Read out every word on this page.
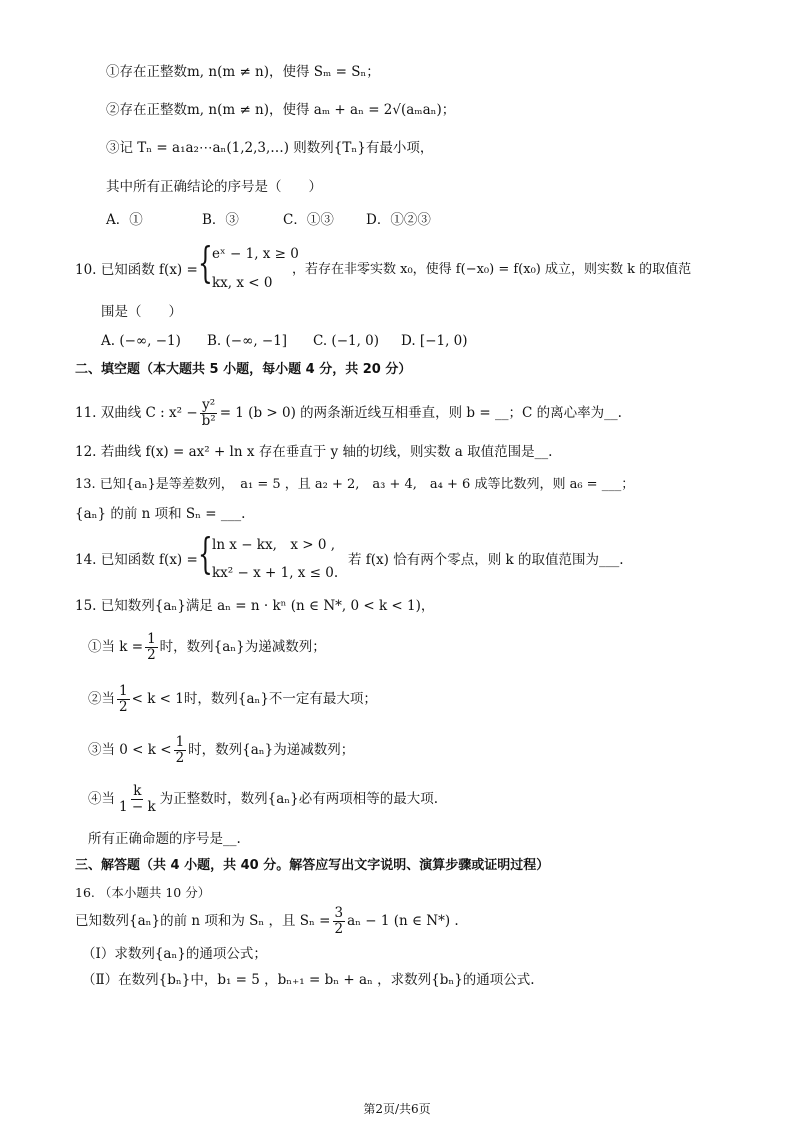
①存在正整数m, n(m ≠ n)，使得 Sₘ = Sₙ；
②存在正整数m, n(m ≠ n)，使得 aₘ + aₙ = 2√(aₘaₙ)；
③记 Tₙ = a₁a₂⋯aₙ(1,2,3,…) 则数列{Tₙ}有最小项，
其中所有正确结论的序号是（　　）
A．①	B．③	C．①③ D．①②③
10. 已知函数 f(x) = { eˣ − 1, x ≥ 0
kx, x < 0
，若存在非零实数 x₀，使得 f(−x₀) = f(x₀) 成立，则实数 k 的取值范
围是（　　）
A. (−∞, −1) B. (−∞, −1] C. (−1, 0) D. [−1, 0)
二、填空题（本大题共 5 小题，每小题 4 分，共 20 分）
11. 双曲线 C : $x^2 - \frac{\text{y²}}{\text{b²}} = 1$ (b > 0) 的两条渐近线互相垂直，则 b = __；C 的离心率为__.
12. 若曲线 f(x) = ax² + ln x 存在垂直于 y 轴的切线，则实数 a 取值范围是__.
13. 已知{aₙ}是等差数列，　a₁ = 5 ，且 a₂ + 2,　a₃ + 4,　a₄ + 6 成等比数列，则 a₆ = ___；
{aₙ} 的前 n 项和 Sₙ = ___.
14. 已知函数 f(x) = { ln x − kx,　x > 0 ,
kx² − x + 1, x ≤ 0.
若 f(x) 恰有两个零点，则 k 的取值范围为___.
15. 已知数列{aₙ}满足 aₙ = n · kⁿ (n ∈ N*, 0 < k < 1)，
①当 $k = \frac{1}{2}$ 时，数列{aₙ}为递减数列；
②当 $\frac{1}{2} < k < 1$时，数列{aₙ}不一定有最大项；
③当 $0 < k < \frac{1}{2}$ 时，数列{aₙ}为递减数列；
④当 $\frac{k}{1 - k}$ 为正整数时，数列{aₙ}必有两项相等的最大项.
所有正确命题的序号是__.
三、解答题（共 4 小题，共 40 分。解答应写出文字说明、演算步骤或证明过程）
16. （本小题共 10 分）
已知数列{aₙ}的前 n 项和为 Sₙ ，且 $S_n = \frac{3}{2}$ aₙ − 1 (n ∈ N*) .
（Ⅰ）求数列{aₙ}的通项公式；
（Ⅱ）在数列{bₙ}中，b₁ = 5 ，bₙ₊₁ = bₙ + aₙ ，求数列{bₙ}的通项公式.
第2页/共6页
